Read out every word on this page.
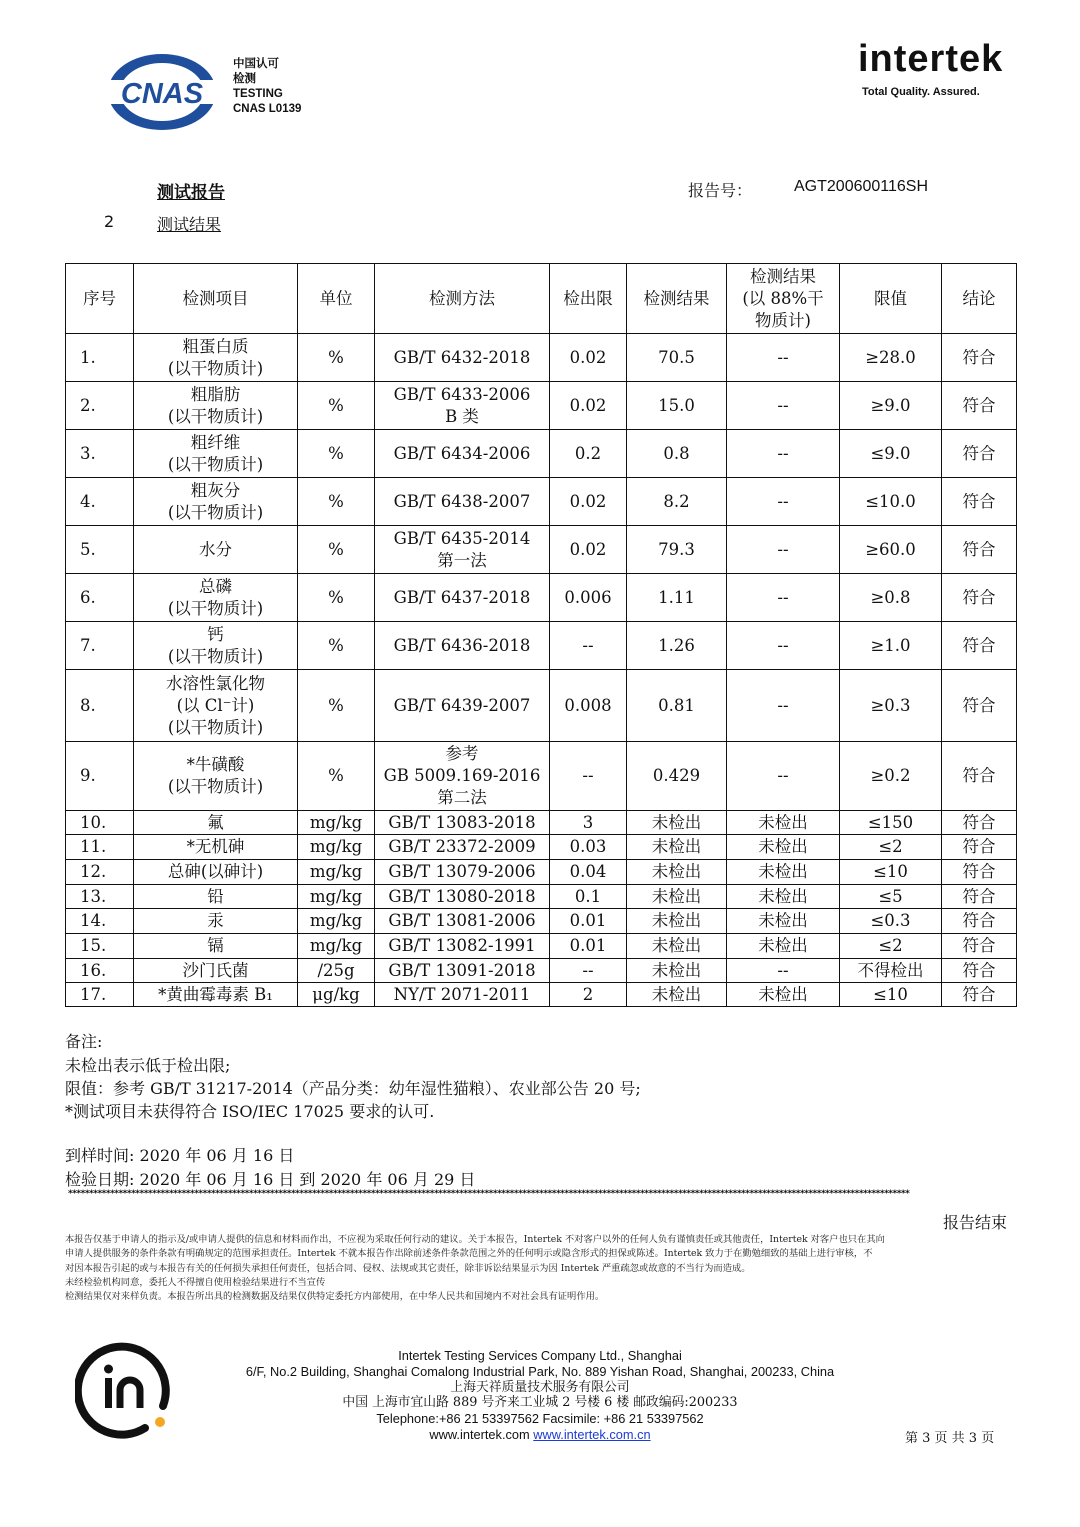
CNAS
中国认可
检测
TESTING
CNAS L0139
intertek
Total Quality. Assured.
测试报告	报告号：	AGT200600116SH
2	测试结果
序号	检测项目	单位	检测方法	检出限	检测结果	检测结果
(以 88%干
物质计)	限值	结论
1.	粗蛋白质
(以干物质计)	%	GB/T 6432-2018	0.02	70.5	--	≥28.0	符合
2.	粗脂肪
(以干物质计)	%	GB/T 6433-2006
B 类	0.02	15.0	--	≥9.0	符合
3.	粗纤维
(以干物质计)	%	GB/T 6434-2006	0.2	0.8	--	≤9.0	符合
4.	粗灰分
(以干物质计)	%	GB/T 6438-2007	0.02	8.2	--	≤10.0	符合
5.	水分	%	GB/T 6435-2014
第一法	0.02	79.3	--	≥60.0	符合
6.	总磷
(以干物质计)	%	GB/T 6437-2018	0.006	1.11	--	≥0.8	符合
7.	钙
(以干物质计)	%	GB/T 6436-2018	--	1.26	--	≥1.0	符合
8.	水溶性氯化物
(以 Cl⁻计)
(以干物质计)	%	GB/T 6439-2007	0.008	0.81	--	≥0.3	符合
9.	*牛磺酸
(以干物质计)	%	参考
GB 5009.169-2016
第二法	--	0.429	--	≥0.2	符合
10.	氟	mg/kg	GB/T 13083-2018	3	未检出	未检出	≤150	符合
11.	*无机砷	mg/kg	GB/T 23372-2009	0.03	未检出	未检出	≤2	符合
12.	总砷(以砷计)	mg/kg	GB/T 13079-2006	0.04	未检出	未检出	≤10	符合
13.	铅	mg/kg	GB/T 13080-2018	0.1	未检出	未检出	≤5	符合
14.	汞	mg/kg	GB/T 13081-2006	0.01	未检出	未检出	≤0.3	符合
15.	镉	mg/kg	GB/T 13082-1991	0.01	未检出	未检出	≤2	符合
16.	沙门氏菌	/25g	GB/T 13091-2018	--	未检出	--	不得检出	符合
17.	*黄曲霉毒素 B₁	μg/kg	NY/T 2071-2011	2	未检出	未检出	≤10	符合
备注:
未检出表示低于检出限;
限值：参考 GB/T 31217-2014（产品分类：幼年湿性猫粮）、农业部公告 20 号;
*测试项目未获得符合 ISO/IEC 17025 要求的认可.
到样时间: 2020 年 06 月 16 日
检验日期: 2020 年 06 月 16 日 到 2020 年 06 月 29 日
********************************************************************************************************************************************************************************************************
报告结束
本报告仅基于申请人的指示及/或申请人提供的信息和材料而作出，不应视为采取任何行动的建议。关于本报告，Intertek 不对客户以外的任何人负有谨慎责任或其他责任，Intertek 对客户也只在其向
申请人提供服务的条件条款有明确规定的范围承担责任。Intertek 不就本报告作出除前述条件条款范围之外的任何明示或隐含形式的担保或陈述。Intertek 致力于在勤勉细致的基础上进行审核，不
对因本报告引起的或与本报告有关的任何损失承担任何责任，包括合同、侵权、法规或其它责任，除非诉讼结果显示为因 Intertek 严重疏忽或故意的不当行为而造成。
未经检验机构同意，委托人不得擅自使用检验结果进行不当宣传
检测结果仅对来样负责。本报告所出具的检测数据及结果仅供特定委托方内部使用，在中华人民共和国境内不对社会具有证明作用。
Intertek Testing Services Company Ltd., Shanghai
6/F, No.2 Building, Shanghai Comalong Industrial Park, No. 889 Yishan Road, Shanghai, 200233, China
上海天祥质量技术服务有限公司
中国 上海市宜山路 889 号齐来工业城 2 号楼 6 楼 邮政编码:200233
Telephone:+86 21 53397562 Facsimile: +86 21 53397562
www.intertek.com www.intertek.com.cn	第 3 页 共 3 页
